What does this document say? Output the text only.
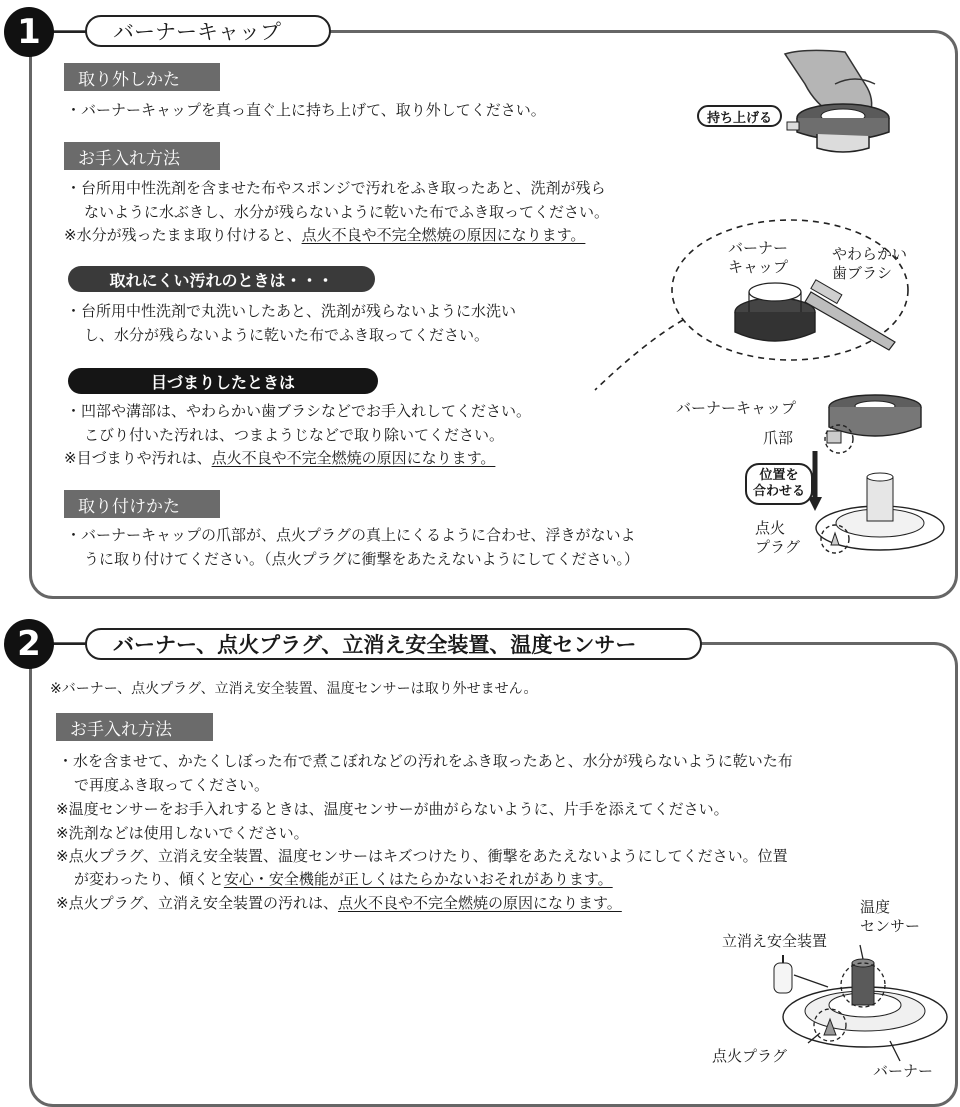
1	バーナーキャップ
取り外しかた
・バーナーキャップを真っ直ぐ上に持ち上げて、取り外してください。
お手入れ方法
・台所用中性洗剤を含ませた布やスポンジで汚れをふき取ったあと、洗剤が残ら
ないように水ぶきし、水分が残らないように乾いた布でふき取ってください。
※水分が残ったまま取り付けると、点火不良や不完全燃焼の原因になります。
取れにくい汚れのときは・・・
・台所用中性洗剤で丸洗いしたあと、洗剤が残らないように水洗い
し、水分が残らないように乾いた布でふき取ってください。
目づまりしたときは
・凹部や溝部は、やわらかい歯ブラシなどでお手入れしてください。
こびり付いた汚れは、つまようじなどで取り除いてください。
※目づまりや汚れは、点火不良や不完全燃焼の原因になります。
取り付けかた
・バーナーキャップの爪部が、点火プラグの真上にくるように合わせ、浮きがないよ
うに取り付けてください。（点火プラグに衝撃をあたえないようにしてください。）
持ち上げる
バーナー
キャップ
やわらかい
歯ブラシ
バーナーキャップ
爪部
位置を
合わせる
点火
プラグ
2	バーナー、点火プラグ、立消え安全装置、温度センサー
※バーナー、点火プラグ、立消え安全装置、温度センサーは取り外せません。
お手入れ方法
・水を含ませて、かたくしぼった布で煮こぼれなどの汚れをふき取ったあと、水分が残らないように乾いた布
で再度ふき取ってください。
※温度センサーをお手入れするときは、温度センサーが曲がらないように、片手を添えてください。
※洗剤などは使用しないでください。
※点火プラグ、立消え安全装置、温度センサーはキズつけたり、衝撃をあたえないようにしてください。位置
が変わったり、傾くと安心・安全機能が正しくはたらかないおそれがあります。
※点火プラグ、立消え安全装置の汚れは、点火不良や不完全燃焼の原因になります。	温度
センサー
立消え安全装置
点火プラグ
バーナー
